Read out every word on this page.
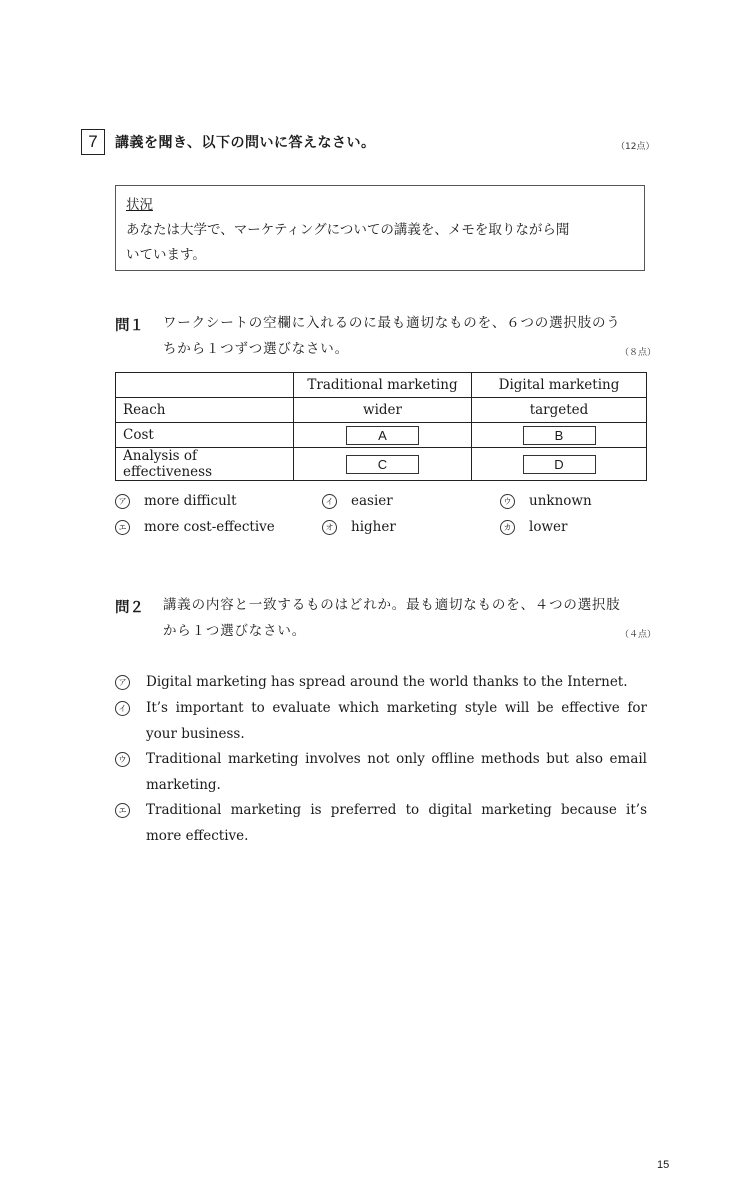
7	講義を聞き、以下の問いに答えなさい。	（12点）
状況
あなたは大学で、マーケティングについての講義を、メモを取りながら聞
いています。
問１ ワークシートの空欄に入れるのに最も適切なものを、６つの選択肢のう
ちから１つずつ選びなさい。	（８点）
	Traditional marketing	Digital marketing
Reach	wider	targeted
Cost	A	B
Analysis of effectiveness	C	D
ア more difficult	イ easier	ウ unknown
エ more cost-effective	オ higher	カ lower
問２ 講義の内容と一致するものはどれか。最も適切なものを、４つの選択肢
から１つ選びなさい。	（４点）
ア Digital marketing has spread around the world thanks to the Internet.
イ It’s important to evaluate which marketing style will be effective for your business.
ウ Traditional marketing involves not only offline methods but also email marketing.
エ Traditional marketing is preferred to digital marketing because it’s more effective.
15
